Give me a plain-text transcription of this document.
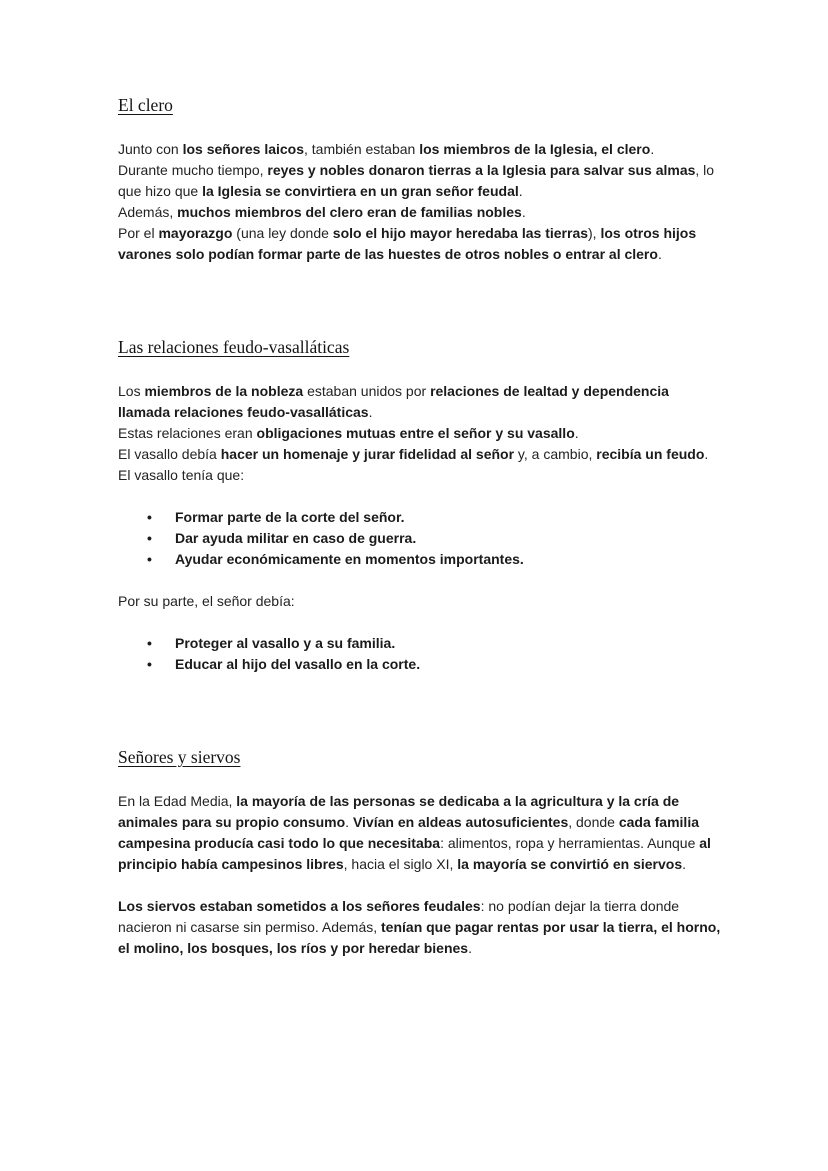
El clero

Junto con los señores laicos, también estaban los miembros de la Iglesia, el clero.
Durante mucho tiempo, reyes y nobles donaron tierras a la Iglesia para salvar sus almas, lo que hizo que la Iglesia se convirtiera en un gran señor feudal.
Además, muchos miembros del clero eran de familias nobles.
Por el mayorazgo (una ley donde solo el hijo mayor heredaba las tierras), los otros hijos varones solo podían formar parte de las huestes de otros nobles o entrar al clero.

Las relaciones feudo-vasalláticas

Los miembros de la nobleza estaban unidos por relaciones de lealtad y dependencia llamada relaciones feudo-vasalláticas.
Estas relaciones eran obligaciones mutuas entre el señor y su vasallo.
El vasallo debía hacer un homenaje y jurar fidelidad al señor y, a cambio, recibía un feudo.
El vasallo tenía que:

• Formar parte de la corte del señor.
• Dar ayuda militar en caso de guerra.
• Ayudar económicamente en momentos importantes.

Por su parte, el señor debía:

• Proteger al vasallo y a su familia.
• Educar al hijo del vasallo en la corte.
Señores y siervos

En la Edad Media, la mayoría de las personas se dedicaba a la agricultura y la cría de animales para su propio consumo. Vivían en aldeas autosuficientes, donde cada familia campesina producía casi todo lo que necesitaba: alimentos, ropa y herramientas. Aunque al principio había campesinos libres, hacia el siglo XI, la mayoría se convirtió en siervos.

Los siervos estaban sometidos a los señores feudales: no podían dejar la tierra donde nacieron ni casarse sin permiso. Además, tenían que pagar rentas por usar la tierra, el horno, el molino, los bosques, los ríos y por heredar bienes.
